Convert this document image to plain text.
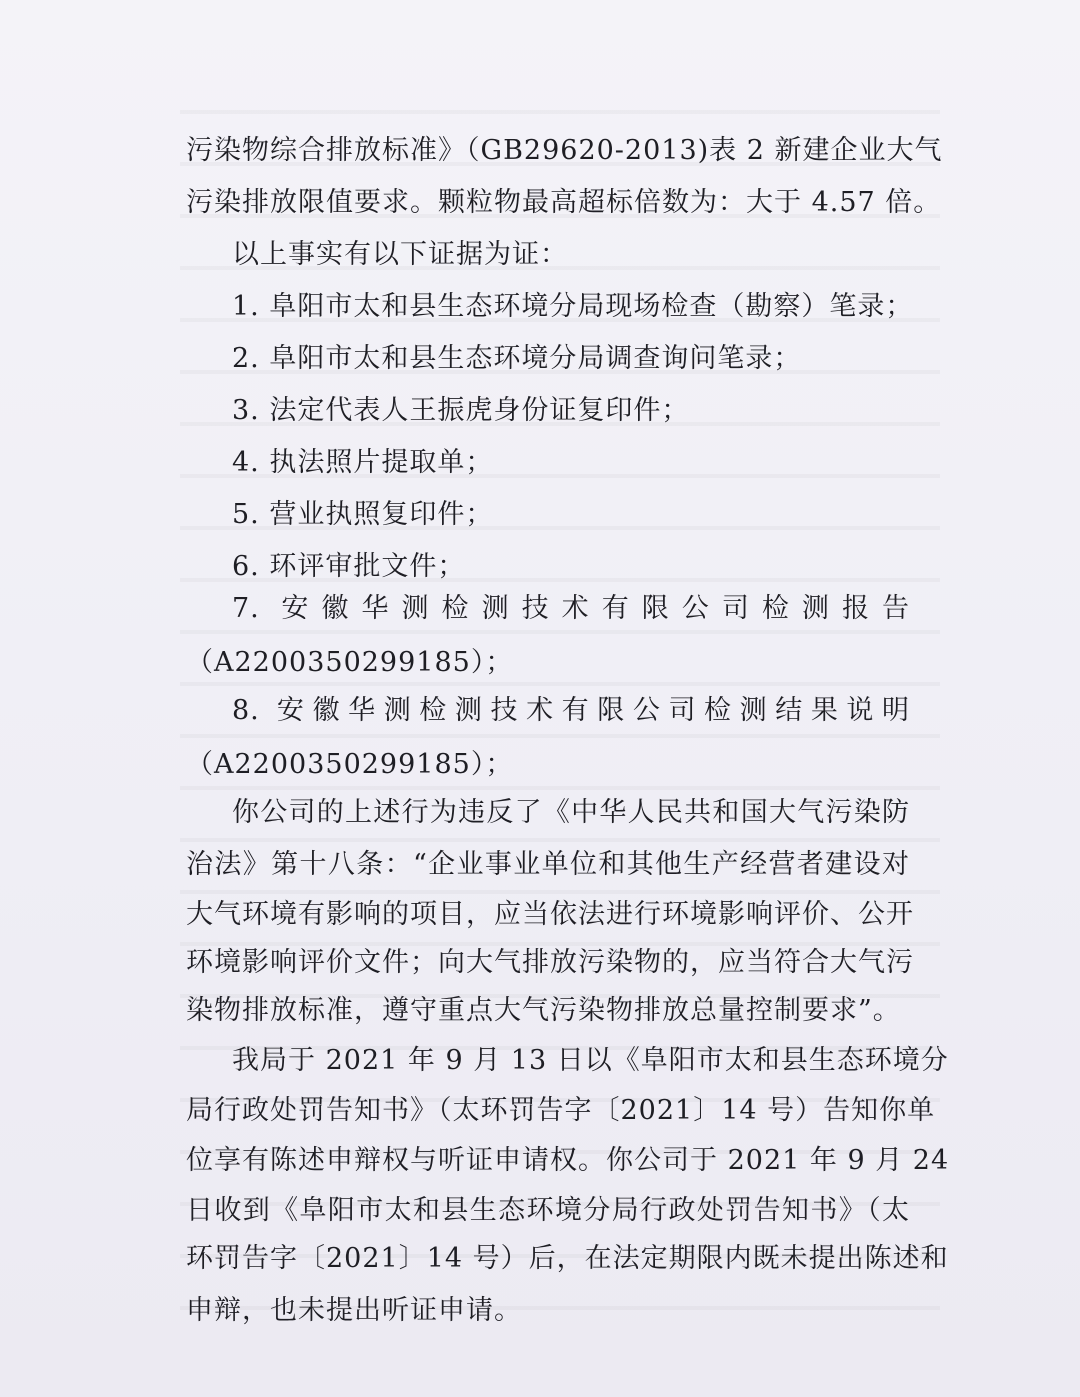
污染物综合排放标准》（GB29620-2013)表 2 新建企业大气
污染排放限值要求。颗粒物最高超标倍数为：大于 4.57 倍。
以上事实有以下证据为证：
1. 阜阳市太和县生态环境分局现场检查（勘察）笔录；
2. 阜阳市太和县生态环境分局调查询问笔录；
3. 法定代表人王振虎身份证复印件；
4. 执法照片提取单；
5. 营业执照复印件；
6. 环评审批文件；
7. 安徽华测检测技术有限公司检测报告
（A2200350299185）；
8. 安徽华测检测技术有限公司检测结果说明
（A2200350299185）；
你公司的上述行为违反了《中华人民共和国大气污染防
治法》第十八条：“企业事业单位和其他生产经营者建设对
大气环境有影响的项目，应当依法进行环境影响评价、公开
环境影响评价文件；向大气排放污染物的，应当符合大气污
染物排放标准，遵守重点大气污染物排放总量控制要求”。
我局于 2021 年 9 月 13 日以《阜阳市太和县生态环境分
局行政处罚告知书》（太环罚告字〔2021〕14 号）告知你单
位享有陈述申辩权与听证申请权。你公司于 2021 年 9 月 24
日收到《阜阳市太和县生态环境分局行政处罚告知书》（太
环罚告字〔2021〕14 号）后，在法定期限内既未提出陈述和
申辩，也未提出听证申请。
